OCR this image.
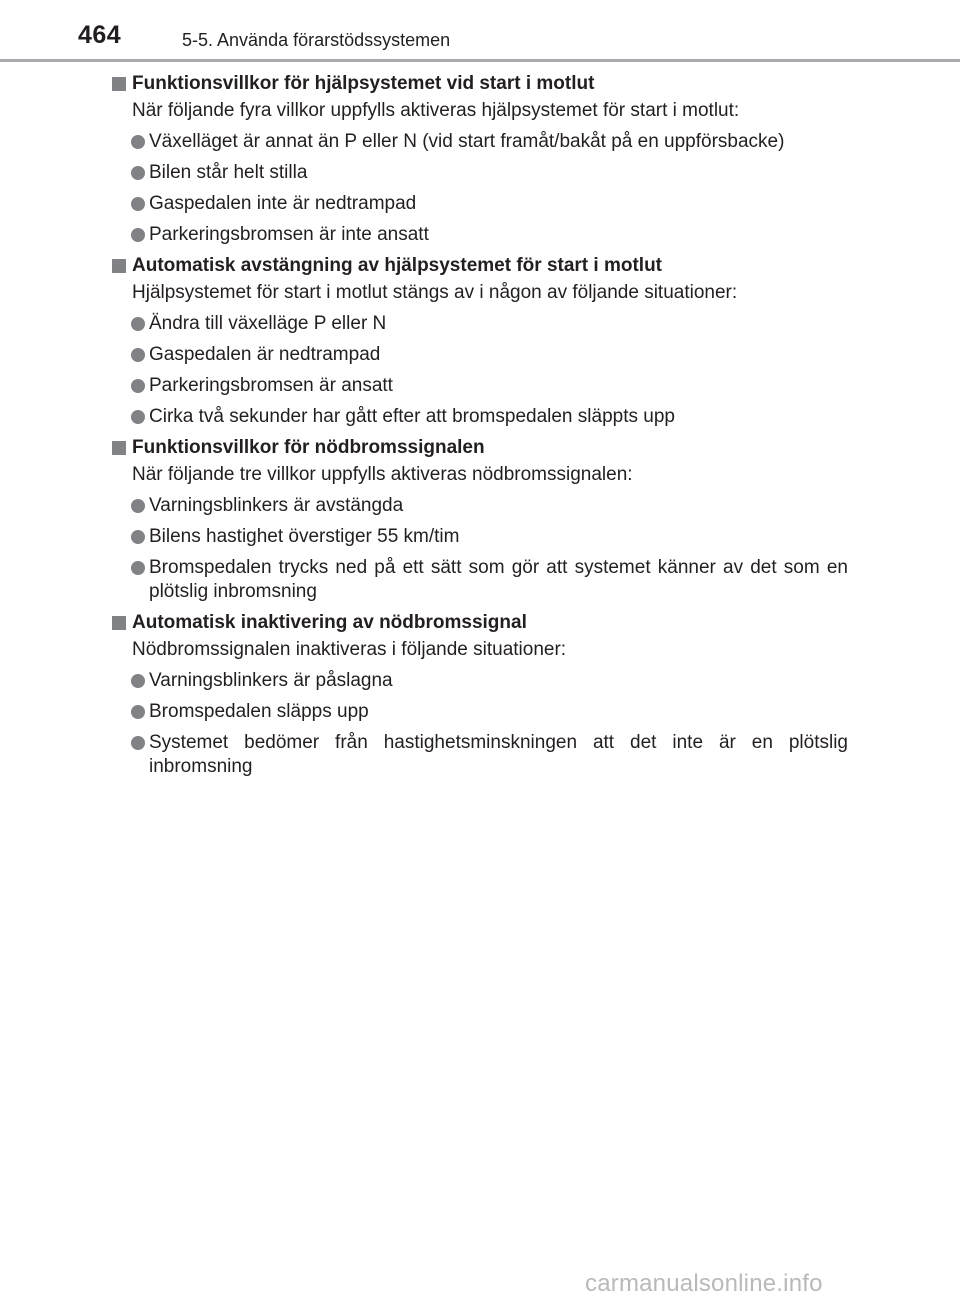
464	5-5. Använda förarstödssystemen
Funktionsvillkor för hjälpsystemet vid start i motlut
När följande fyra villkor uppfylls aktiveras hjälpsystemet för start i motlut:
Växelläget är annat än P eller N (vid start framåt/bakåt på en uppförsbacke)
Bilen står helt stilla
Gaspedalen inte är nedtrampad
Parkeringsbromsen är inte ansatt
Automatisk avstängning av hjälpsystemet för start i motlut
Hjälpsystemet för start i motlut stängs av i någon av följande situationer:
Ändra till växelläge P eller N
Gaspedalen är nedtrampad
Parkeringsbromsen är ansatt
Cirka två sekunder har gått efter att bromspedalen släppts upp
Funktionsvillkor för nödbromssignalen
När följande tre villkor uppfylls aktiveras nödbromssignalen:
Varningsblinkers är avstängda
Bilens hastighet överstiger 55 km/tim
Bromspedalen trycks ned på ett sätt som gör att systemet känner av det som en plötslig inbromsning
Automatisk inaktivering av nödbromssignal
Nödbromssignalen inaktiveras i följande situationer:
Varningsblinkers är påslagna
Bromspedalen släpps upp
Systemet bedömer från hastighetsminskningen att det inte är en plötslig inbromsning
carmanualsonline.info
